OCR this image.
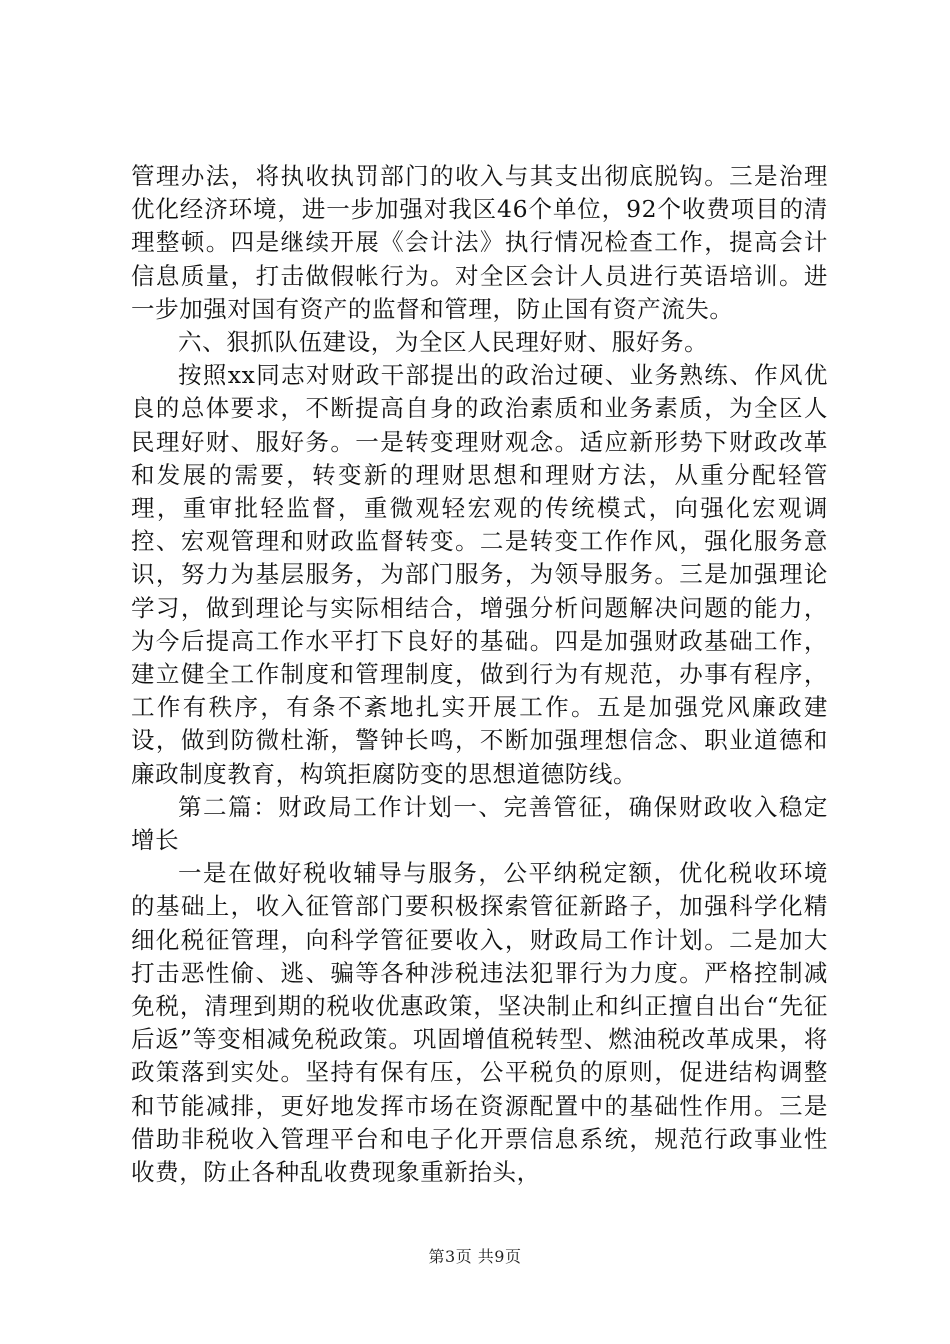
管理办法，将执收执罚部门的收入与其支出彻底脱钩。三是治理优化经济环境，进一步加强对我区46个单位，92个收费项目的清理整顿。四是继续开展《会计法》执行情况检查工作，提高会计信息质量，打击做假帐行为。对全区会计人员进行英语培训。进一步加强对国有资产的监督和管理，防止国有资产流失。

六、狠抓队伍建设，为全区人民理好财、服好务。

按照xx同志对财政干部提出的政治过硬、业务熟练、作风优良的总体要求，不断提高自身的政治素质和业务素质，为全区人民理好财、服好务。一是转变理财观念。适应新形势下财政改革和发展的需要，转变新的理财思想和理财方法，从重分配轻管理，重审批轻监督，重微观轻宏观的传统模式，向强化宏观调控、宏观管理和财政监督转变。二是转变工作作风，强化服务意识，努力为基层服务，为部门服务，为领导服务。三是加强理论学习，做到理论与实际相结合，增强分析问题解决问题的能力，为今后提高工作水平打下良好的基础。四是加强财政基础工作，建立健全工作制度和管理制度，做到行为有规范，办事有程序，工作有秩序，有条不紊地扎实开展工作。五是加强党风廉政建设，做到防微杜渐，警钟长鸣，不断加强理想信念、职业道德和廉政制度教育，构筑拒腐防变的思想道德防线。

第二篇：财政局工作计划一、完善管征，确保财政收入稳定增长

一是在做好税收辅导与服务，公平纳税定额，优化税收环境的基础上，收入征管部门要积极探索管征新路子，加强科学化精细化税征管理，向科学管征要收入，财政局工作计划。二是加大打击恶性偷、逃、骗等各种涉税违法犯罪行为力度。严格控制减免税，清理到期的税收优惠政策，坚决制止和纠正擅自出台“先征后返”等变相减免税政策。巩固增值税转型、燃油税改革成果，将政策落到实处。坚持有保有压，公平税负的原则，促进结构调整和节能减排，更好地发挥市场在资源配置中的基础性作用。三是借助非税收入管理平台和电子化开票信息系统，规范行政事业性收费，防止各种乱收费现象重新抬头，

第3页 共9页
